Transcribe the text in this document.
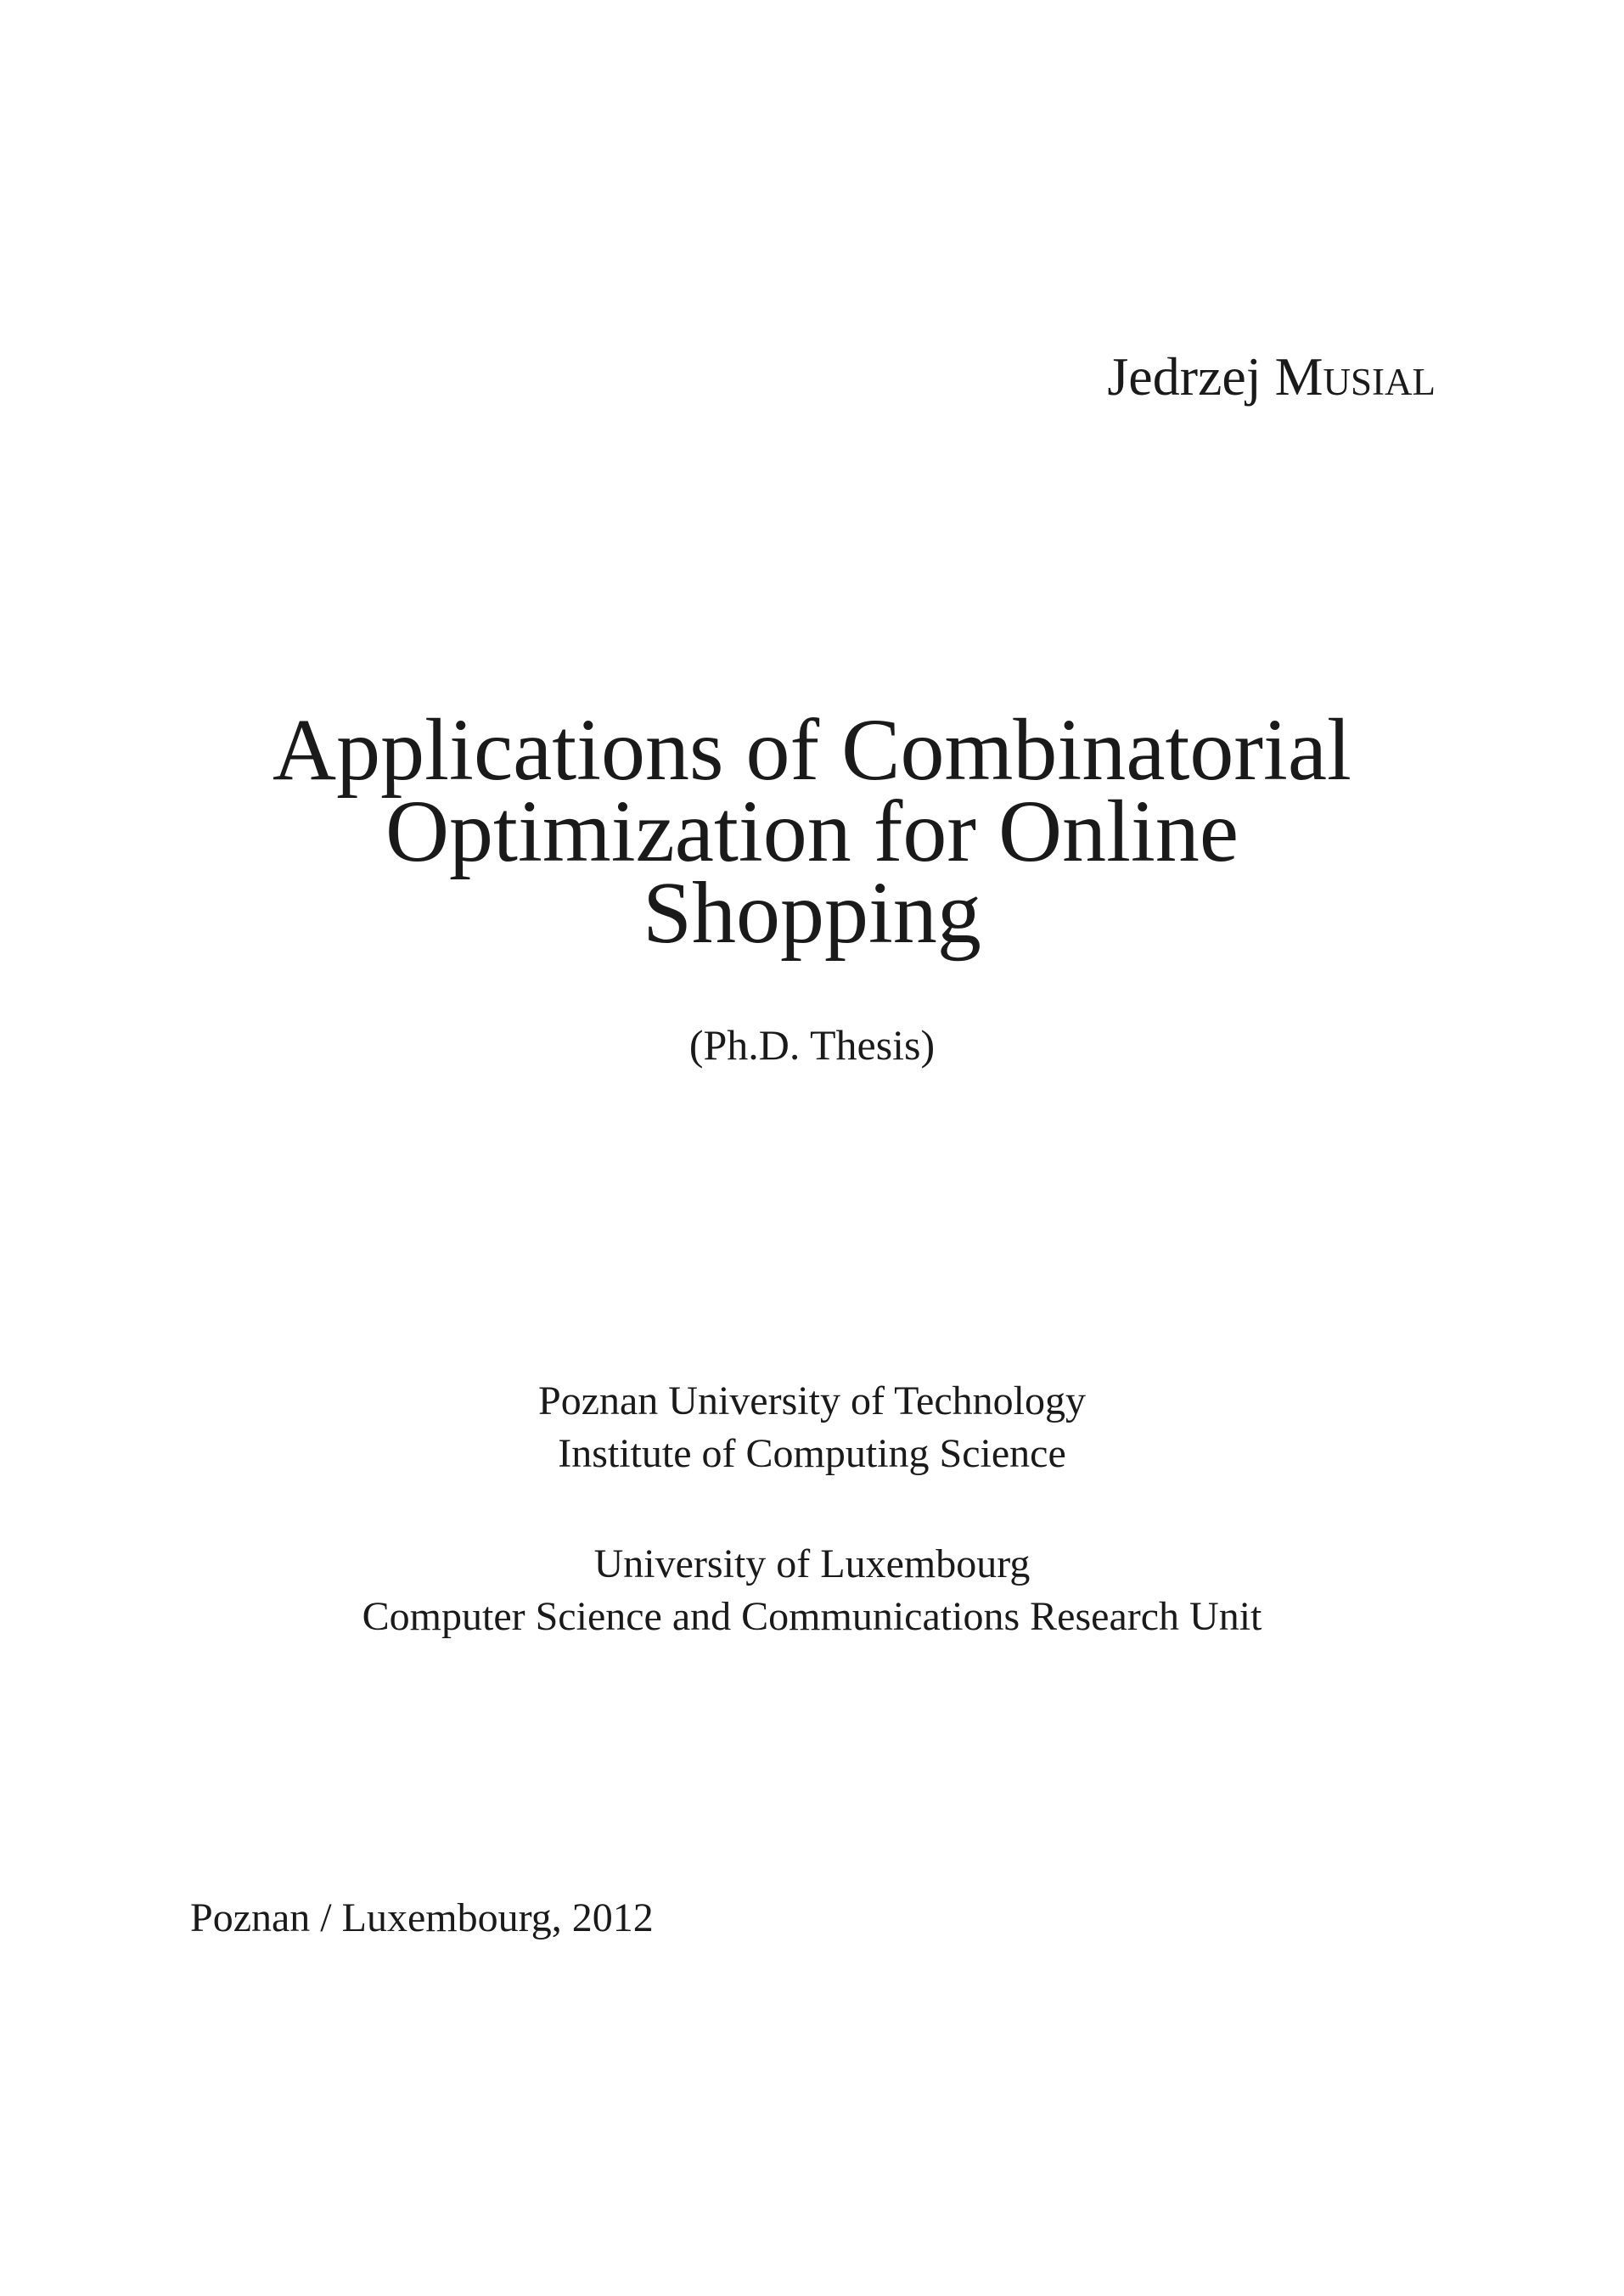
Jedrzej Musial
Applications of Combinatorial
Optimization for Online
Shopping
(Ph.D. Thesis)
Poznan University of Technology
Institute of Computing Science
University of Luxembourg
Computer Science and Communications Research Unit
Poznan / Luxembourg, 2012
